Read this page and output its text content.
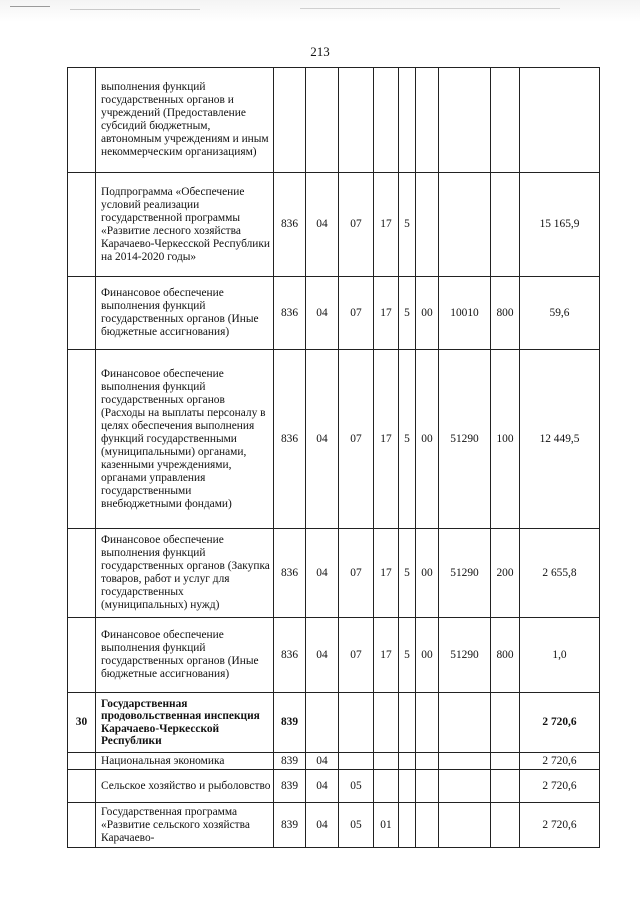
213
	выполнения функций государственных органов и учреждений (Предоставление субсидий бюджетным, автономным учреждениям и иным некоммерческим организациям)									
	Подпрограмма «Обеспечение условий реализации государственной программы «Развитие лесного хозяйства Карачаево-Черкесской Республики на 2014-2020 годы»	836	04	07	17	5				15 165,9
	Финансовое обеспечение выполнения функций государственных органов (Иные бюджетные ассигнования)	836	04	07	17	5	00	10010	800	59,6
	Финансовое обеспечение выполнения функций государственных органов (Расходы на выплаты персоналу в целях обеспечения выполнения функций государственными (муниципальными) органами, казенными учреждениями, органами управления государственными внебюджетными фондами)	836	04	07	17	5	00	51290	100	12 449,5
	Финансовое обеспечение выполнения функций государственных органов (Закупка товаров, работ и услуг для государственных (муниципальных) нужд)	836	04	07	17	5	00	51290	200	2 655,8
	Финансовое обеспечение выполнения функций государственных органов (Иные бюджетные ассигнования)	836	04	07	17	5	00	51290	800	1,0
30	Государственная продовольственная инспекция Карачаево-Черкесской Республики	839								2 720,6
	Национальная экономика	839	04							2 720,6
	Сельское хозяйство и рыболовство	839	04	05						2 720,6
	Государственная программа «Развитие сельского хозяйства Карачаево-	839	04	05	01					2 720,6
